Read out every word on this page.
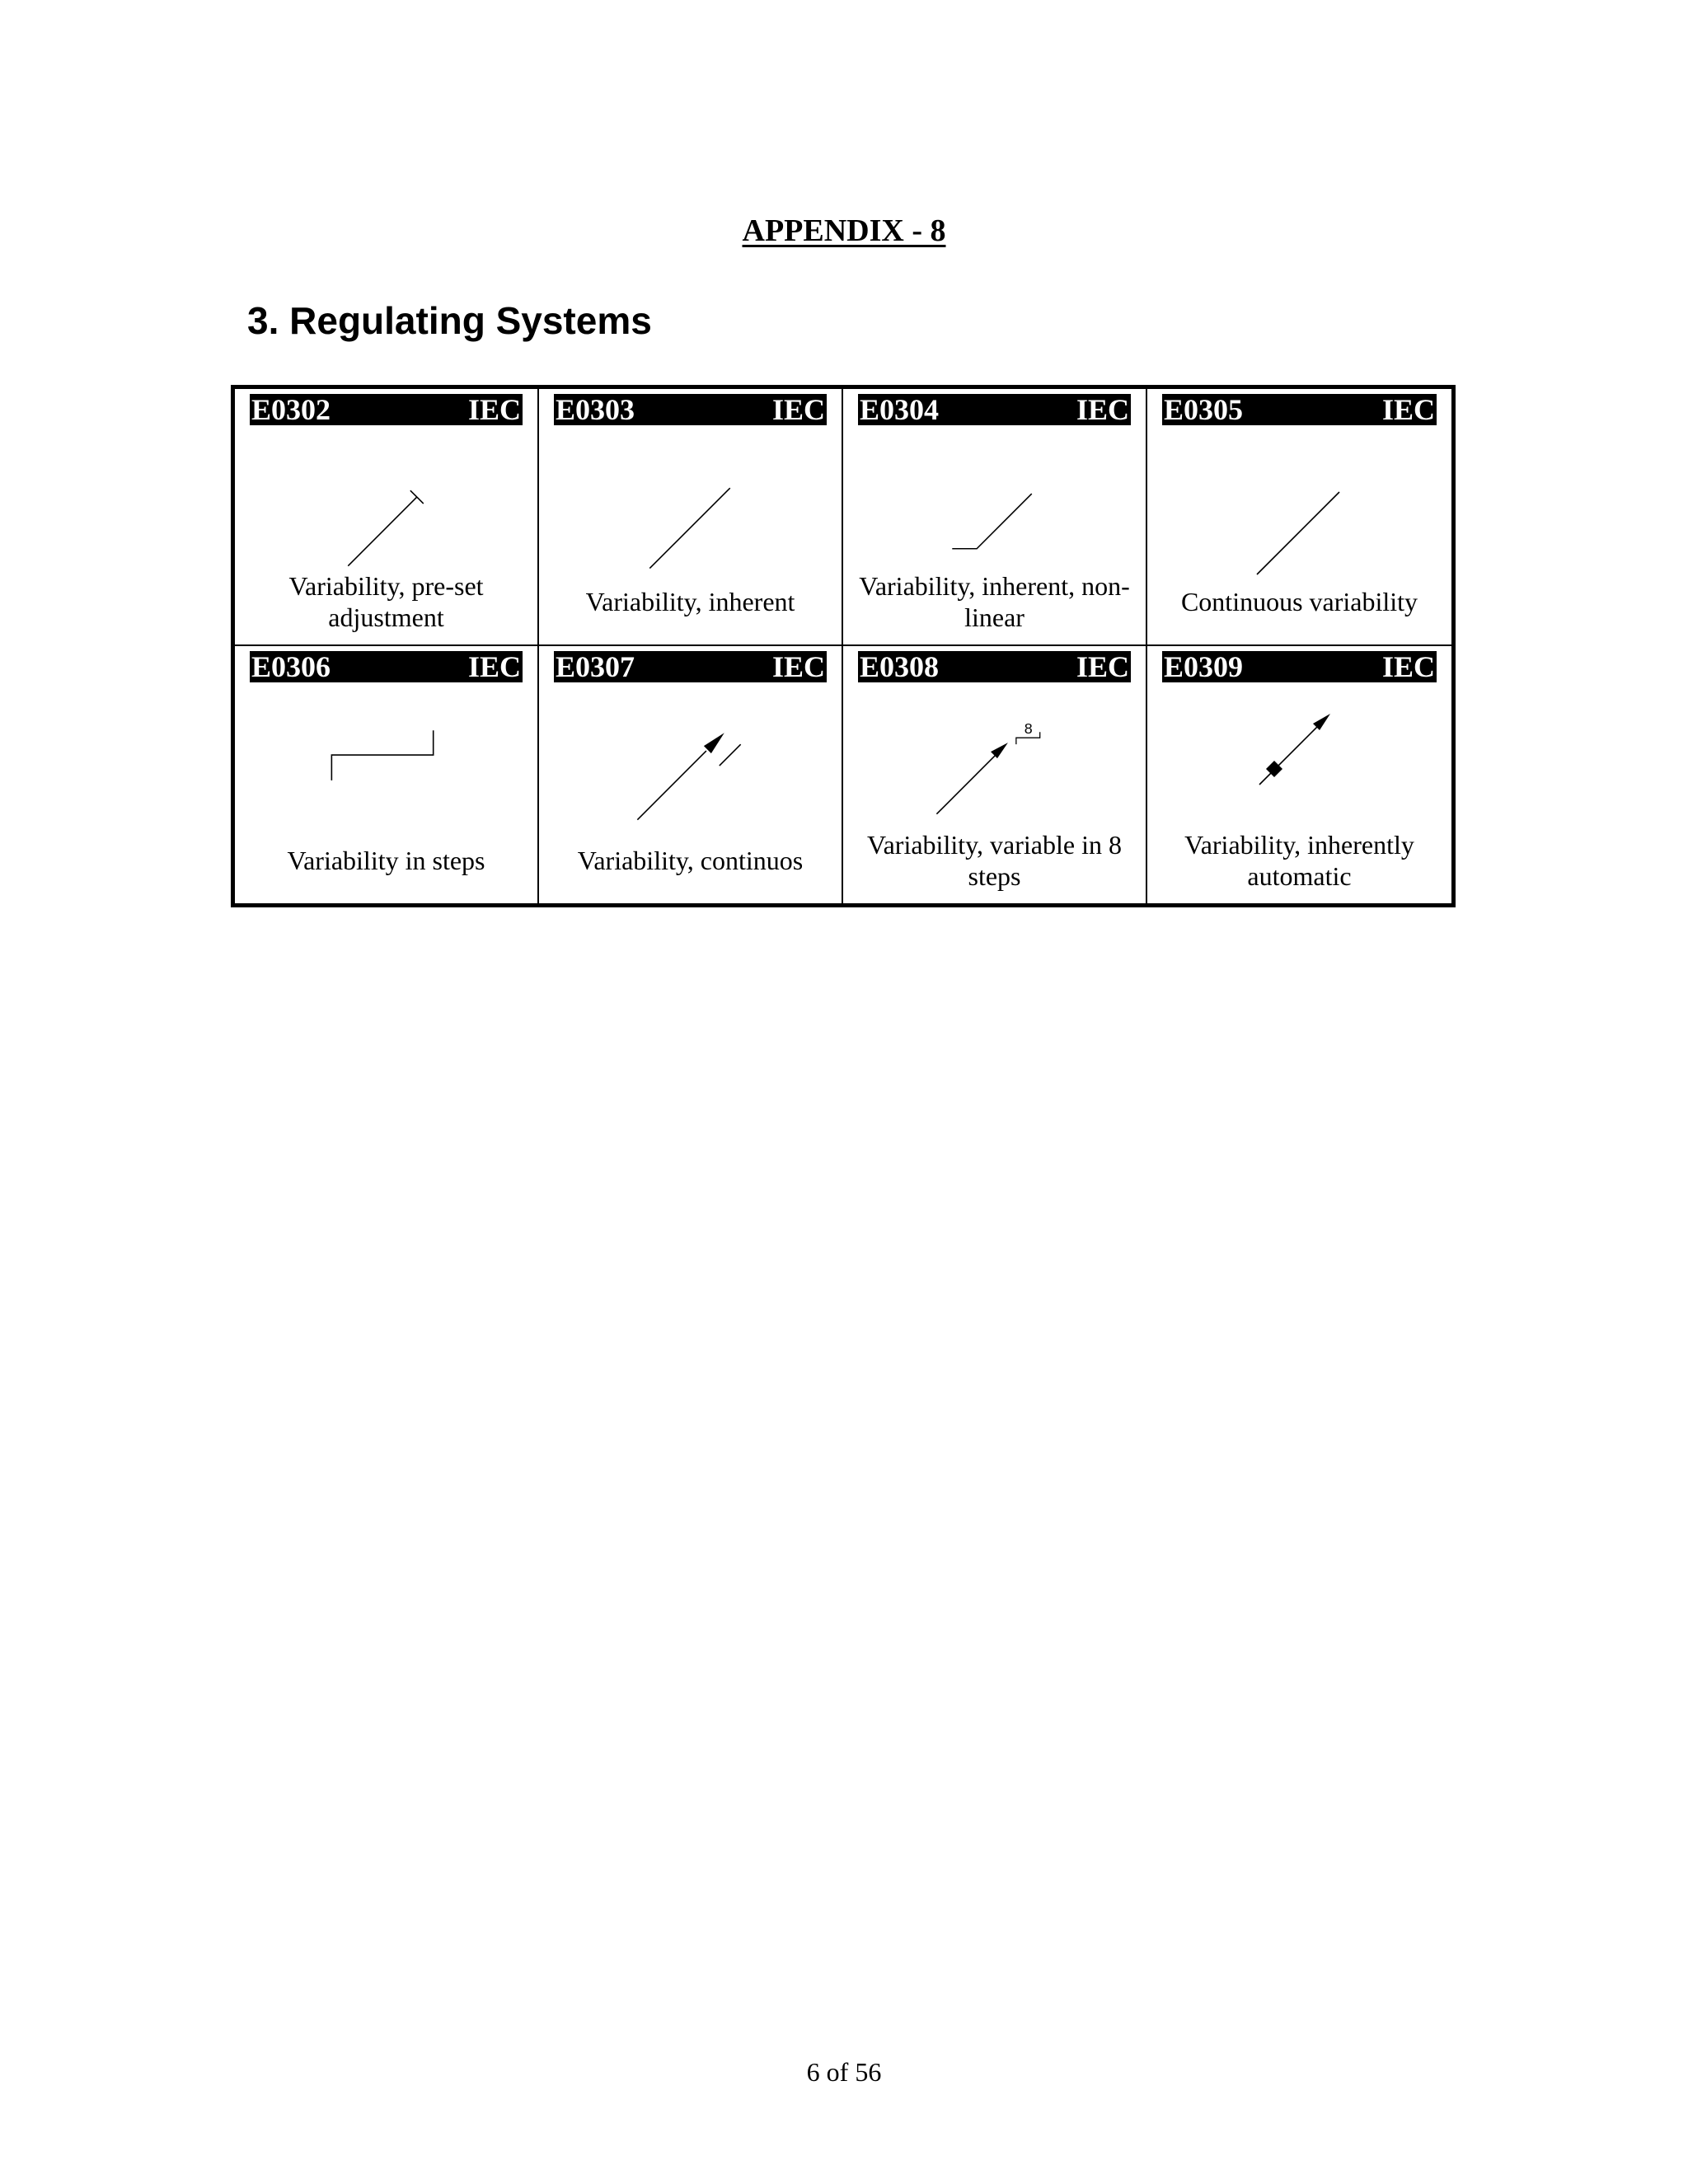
APPENDIX - 8
3. Regulating Systems
E0302	IEC
Variability, pre-set adjustment
E0303	IEC
Variability, inherent
E0304	IEC
Variability, inherent, non-linear
E0305	IEC
Continuous variability
E0306	IEC
Variability in steps
E0307	IEC
Variability, continuos
E0308	IEC
8
Variability, variable in 8 steps
E0309	IEC
Variability, inherently automatic
6 of 56
